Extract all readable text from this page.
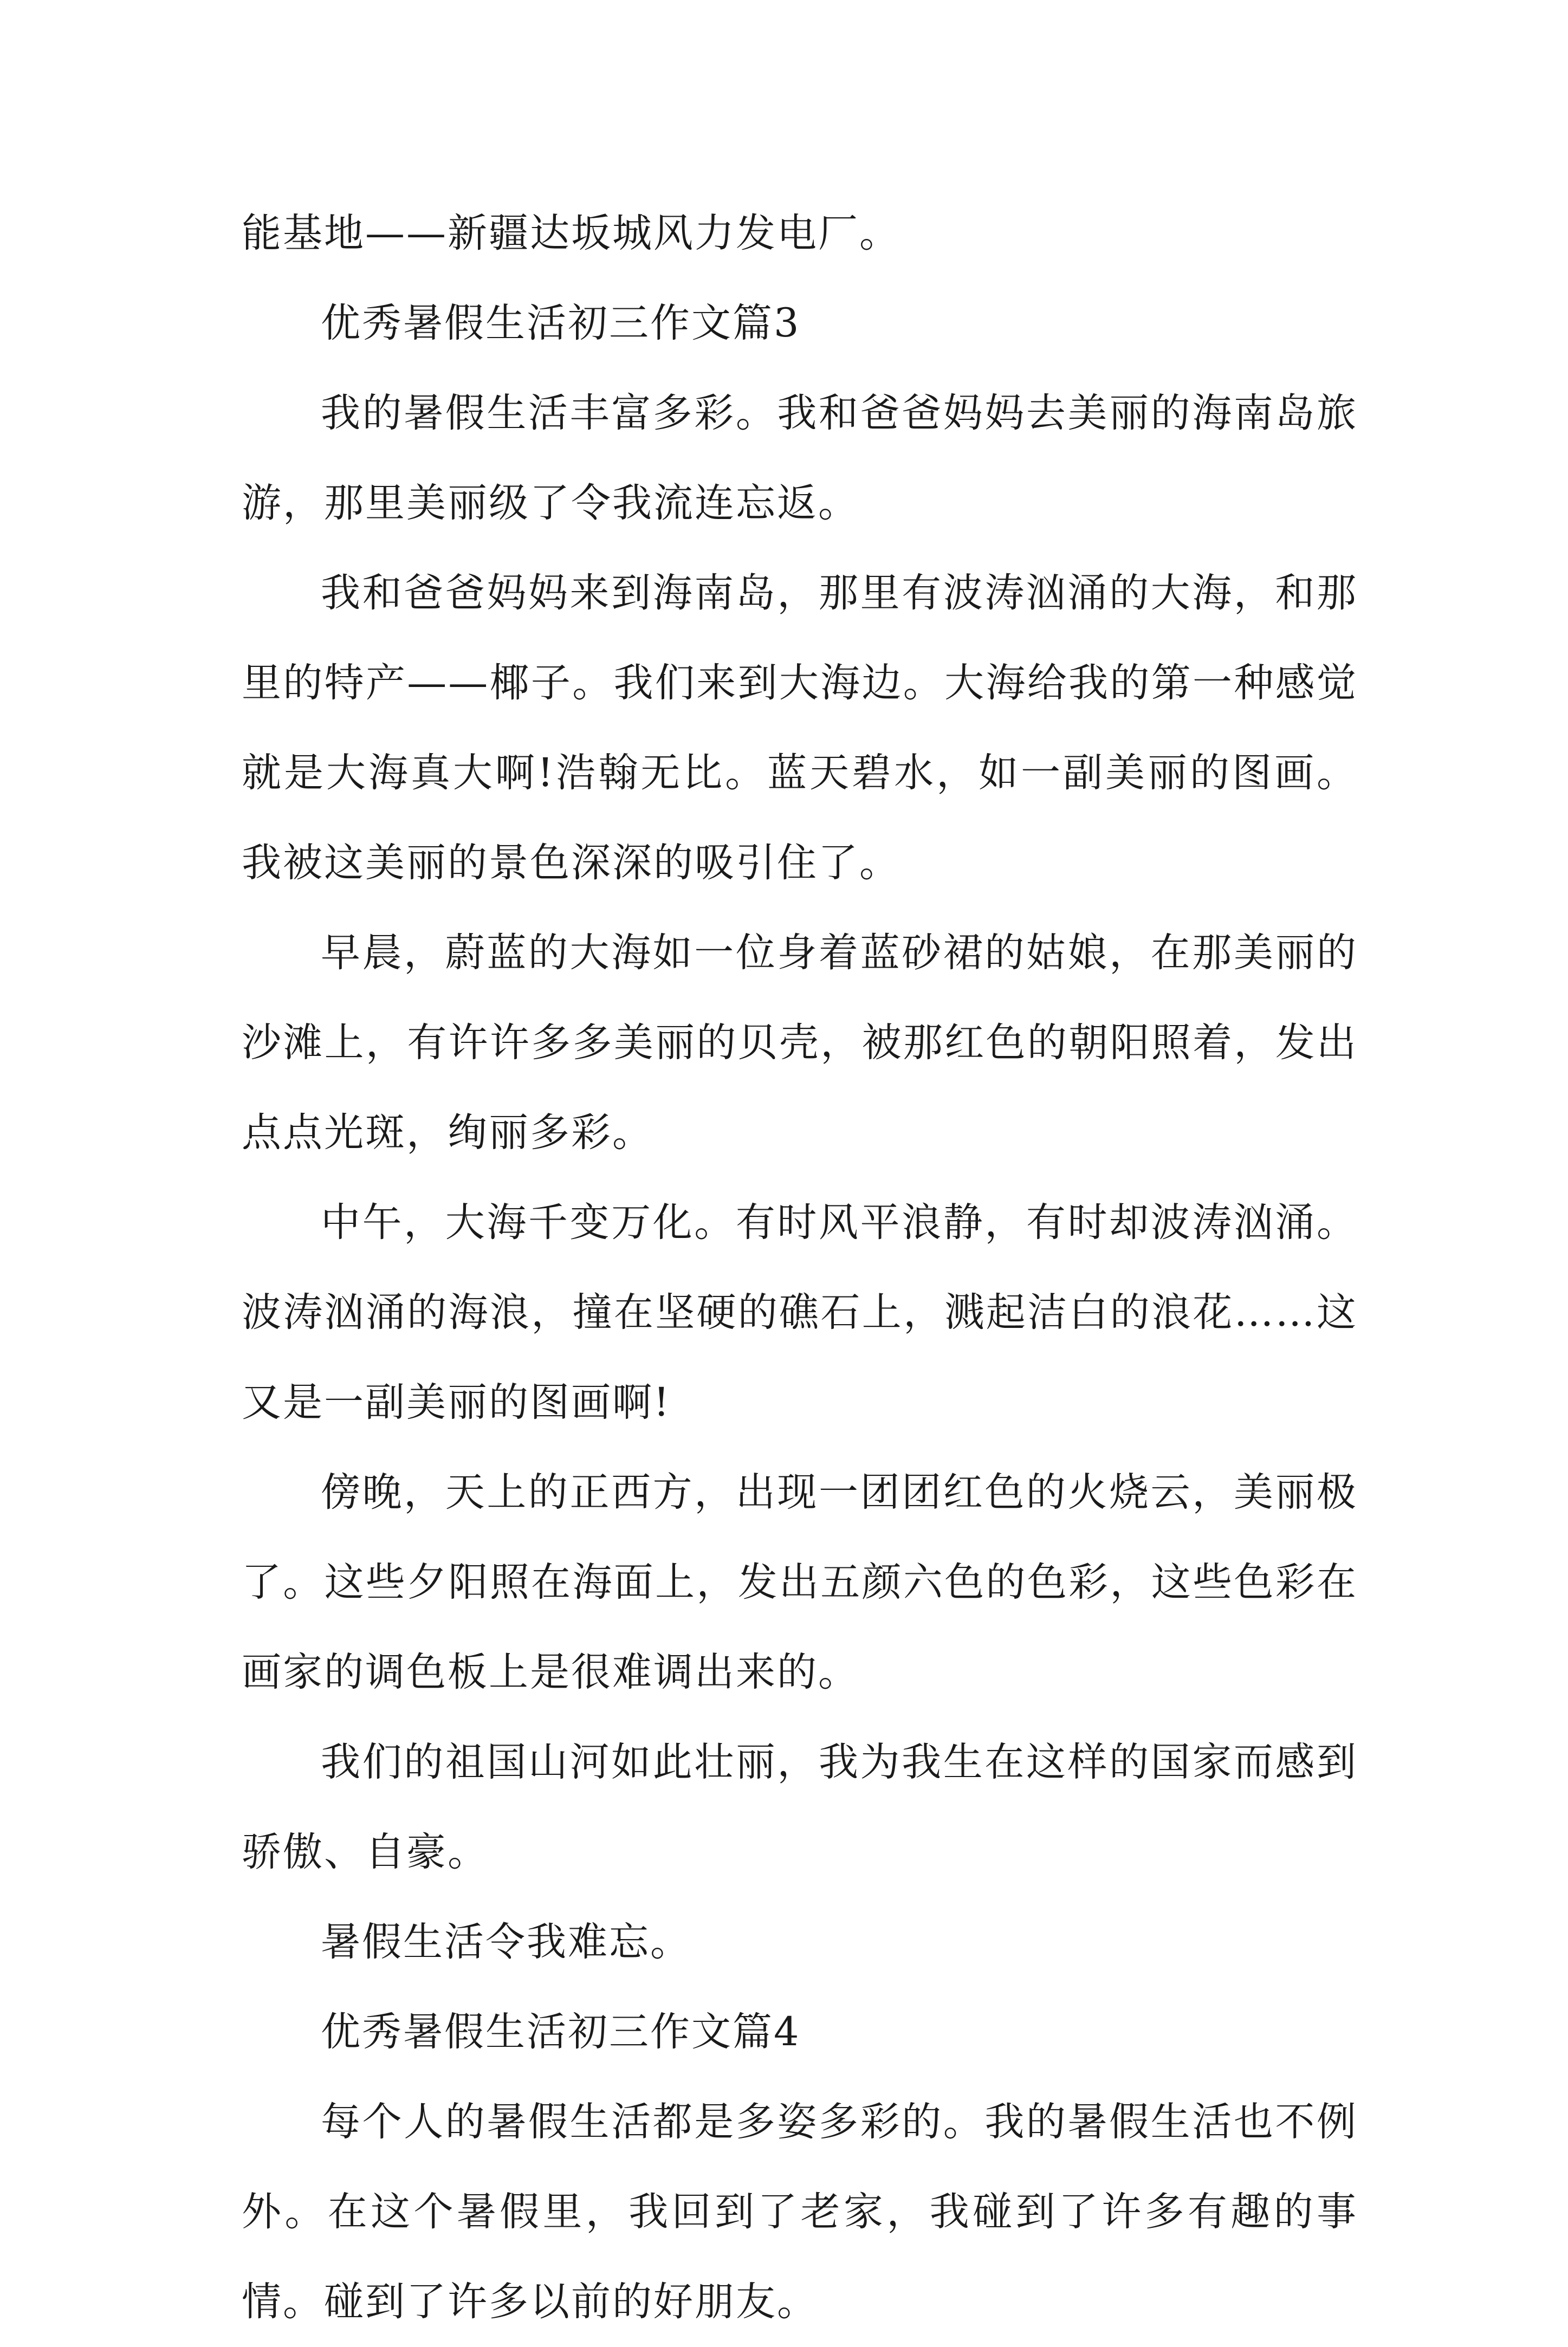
能基地——新疆达坂城风力发电厂。

优秀暑假生活初三作文篇3

我的暑假生活丰富多彩。我和爸爸妈妈去美丽的海南岛旅游，那里美丽级了令我流连忘返。

我和爸爸妈妈来到海南岛，那里有波涛汹涌的大海，和那里的特产——椰子。我们来到大海边。大海给我的第一种感觉就是大海真大啊!浩翰无比。蓝天碧水，如一副美丽的图画。我被这美丽的景色深深的吸引住了。

早晨，蔚蓝的大海如一位身着蓝砂裙的姑娘，在那美丽的沙滩上，有许许多多美丽的贝壳，被那红色的朝阳照着，发出点点光斑，绚丽多彩。

中午，大海千变万化。有时风平浪静，有时却波涛汹涌。波涛汹涌的海浪，撞在坚硬的礁石上，溅起洁白的浪花……这又是一副美丽的图画啊!

傍晚，天上的正西方，出现一团团红色的火烧云，美丽极了。这些夕阳照在海面上，发出五颜六色的色彩，这些色彩在画家的调色板上是很难调出来的。

我们的祖国山河如此壮丽，我为我生在这样的国家而感到骄傲、自豪。

暑假生活令我难忘。

优秀暑假生活初三作文篇4

每个人的暑假生活都是多姿多彩的。我的暑假生活也不例外。在这个暑假里，我回到了老家，我碰到了许多有趣的事情。碰到了许多以前的好朋友。
